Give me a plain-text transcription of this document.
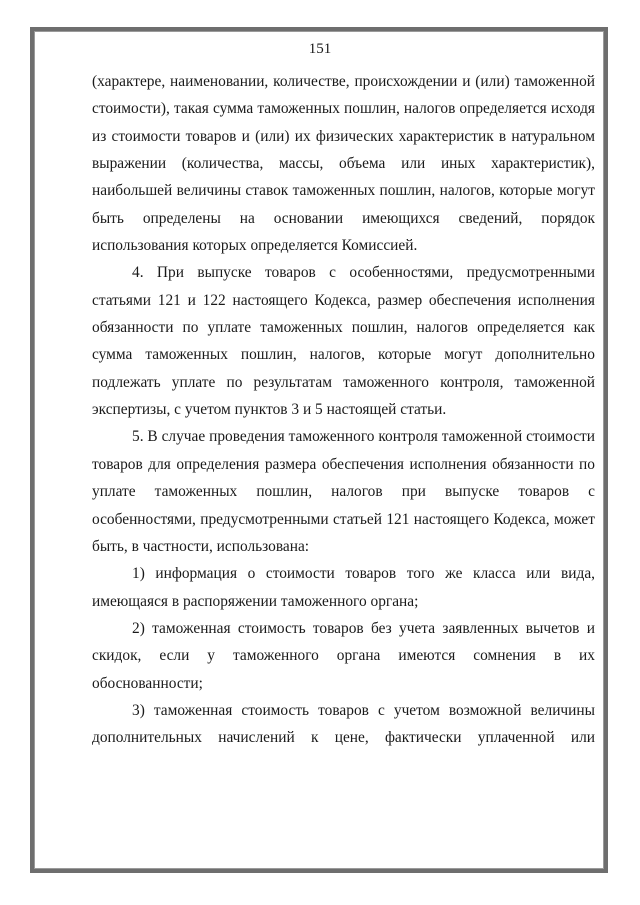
151

(характере, наименовании, количестве, происхождении и (или) таможенной стоимости), такая сумма таможенных пошлин, налогов определяется исходя из стоимости товаров и (или) их физических характеристик в натуральном выражении (количества, массы, объема или иных характеристик), наибольшей величины ставок таможенных пошлин, налогов, которые могут быть определены на основании имеющихся сведений, порядок использования которых определяется Комиссией.

4. При выпуске товаров с особенностями, предусмотренными статьями 121 и 122 настоящего Кодекса, размер обеспечения исполнения обязанности по уплате таможенных пошлин, налогов определяется как сумма таможенных пошлин, налогов, которые могут дополнительно подлежать уплате по результатам таможенного контроля, таможенной экспертизы, с учетом пунктов 3 и 5 настоящей статьи.

5. В случае проведения таможенного контроля таможенной стоимости товаров для определения размера обеспечения исполнения обязанности по уплате таможенных пошлин, налогов при выпуске товаров с особенностями, предусмотренными статьей 121 настоящего Кодекса, может быть, в частности, использована:

1) информация о стоимости товаров того же класса или вида, имеющаяся в распоряжении таможенного органа;

2) таможенная стоимость товаров без учета заявленных вычетов и скидок, если у таможенного органа имеются сомнения в их обоснованности;

3) таможенная стоимость товаров с учетом возможной величины дополнительных начислений к цене, фактически уплаченной или
